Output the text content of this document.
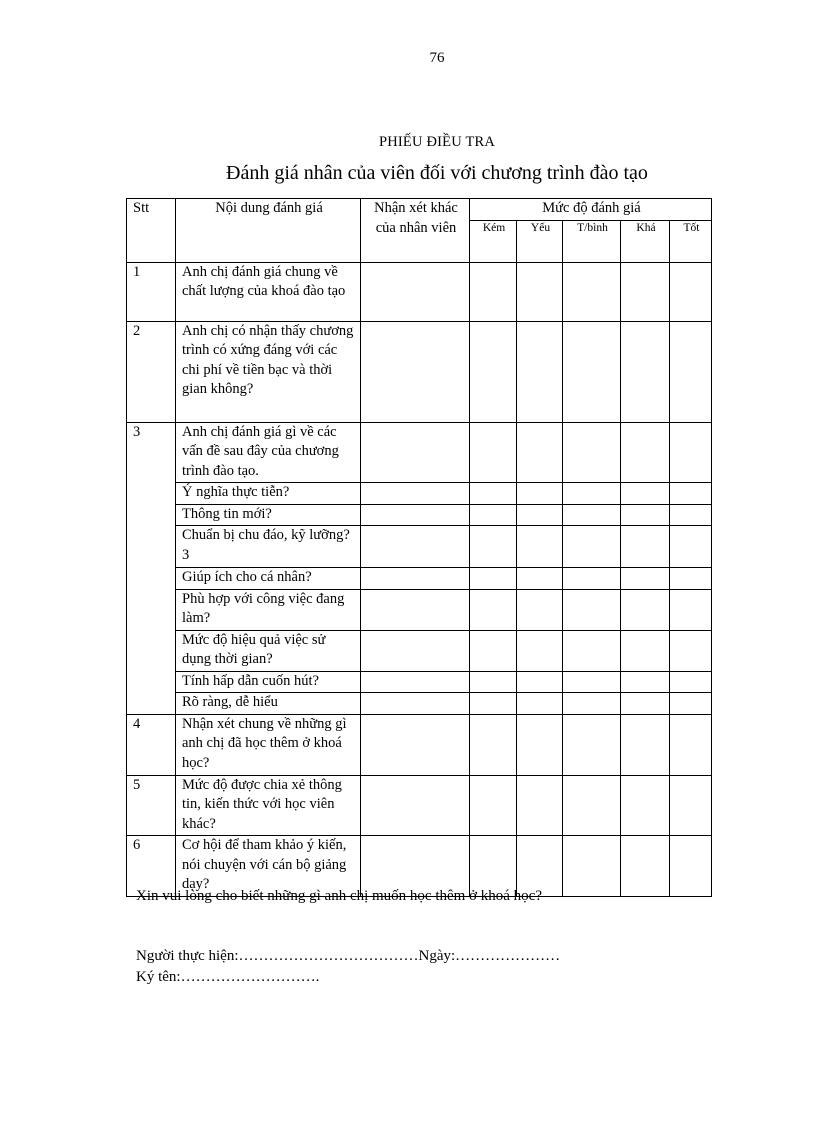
76
PHIẾU ĐIỀU TRA
Đánh giá nhân của viên đối với chương trình đào tạo
Stt	Nội dung đánh giá	Nhận xét khác của nhân viên	Mức độ đánh giá				
			Kém	Yếu	T/bình	Khá	Tốt
1	Anh chị đánh giá chung về chất lượng của khoá đào tạo						
2	Anh chị có nhận thấy chương trình có xứng đáng với các chi phí về tiền bạc và thời gian không?						
3	Anh chị đánh giá gì về các vấn đề sau đây của chương trình đào tạo.						
	Ý nghĩa thực tiễn?						
	Thông tin mới?						
	Chuẩn bị chu đáo, kỹ lưỡng?3						
	Giúp ích cho cá nhân?						
	Phù hợp với công việc đang làm?						
	Mức độ hiệu quả việc sử dụng thời gian?						
	Tính hấp dẫn cuốn hút?						
	Rõ ràng, dễ hiểu						
4	Nhận xét chung về những gì anh chị đã học thêm ở khoá học?						
5	Mức độ được chia xẻ thông tin, kiến thức với học viên khác?						
6	Cơ hội để tham khảo ý kiến, nói chuyện với cán bộ giảng dạy?						
Xin vui lòng cho biết những gì anh chị muốn học thêm ở khoá học?
Người thực hiện:………………………………Ngày:…………………
Ký tên:……………………….
